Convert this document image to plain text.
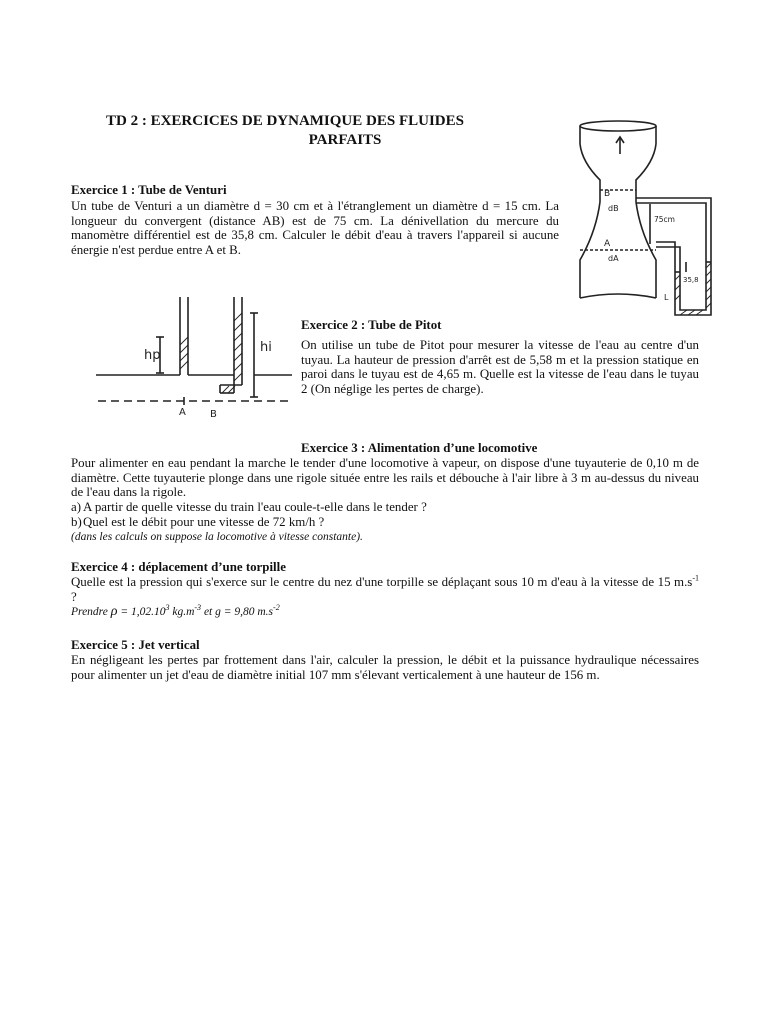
TD 2 : EXERCICES DE DYNAMIQUE DES FLUIDES
PARFAITS
Exercice 1 : Tube de Venturi
Un tube de Venturi a un diamètre d = 30 cm et à l'étranglement un diamètre d = 15 cm. La longueur du convergent (distance AB) est de 75 cm. La dénivellation du mercure du manomètre différentiel est de 35,8 cm. Calculer le débit d'eau à travers l'appareil si aucune énergie n'est perdue entre A et B.
B
dB
A
dA
75cm
L
35,8
hp
hi
A B
Exercice 2 : Tube de Pitot
On utilise un tube de Pitot pour mesurer la vitesse de l'eau au centre d'un tuyau. La hauteur de pression d'arrêt est de 5,58 m et la pression statique en paroi dans le tuyau est de 4,65 m. Quelle est la vitesse de l'eau dans le tuyau 2 (On néglige les pertes de charge).
Exercice 3 : Alimentation d’une locomotive
Pour alimenter en eau pendant la marche le tender d'une locomotive à vapeur, on dispose d'une tuyauterie de 0,10 m de diamètre. Cette tuyauterie plonge dans une rigole située entre les rails et débouche à l'air libre à 3 m au-dessus du niveau de l'eau dans la rigole.
a) A partir de quelle vitesse du train l'eau coule-t-elle dans le tender ?
b) Quel est le débit pour une vitesse de 72 km/h ?
(dans les calculs on suppose la locomotive à vitesse constante).
Exercice 4 : déplacement d’une torpille
Quelle est la pression qui s'exerce sur le centre du nez d'une torpille se déplaçant sous 10 m d'eau à la vitesse de 15 $m.s^{-1}$ ?
Prendre $\rho = 1,02.10^3$ $kg.m^{-3}$ et g = 9,80 $m.s^{-2}$
Exercice 5 : Jet vertical
En négligeant les pertes par frottement dans l'air, calculer la pression, le débit et la puissance hydraulique nécessaires pour alimenter un jet d'eau de diamètre initial 107 mm s'élevant verticalement à une hauteur de 156 m.
